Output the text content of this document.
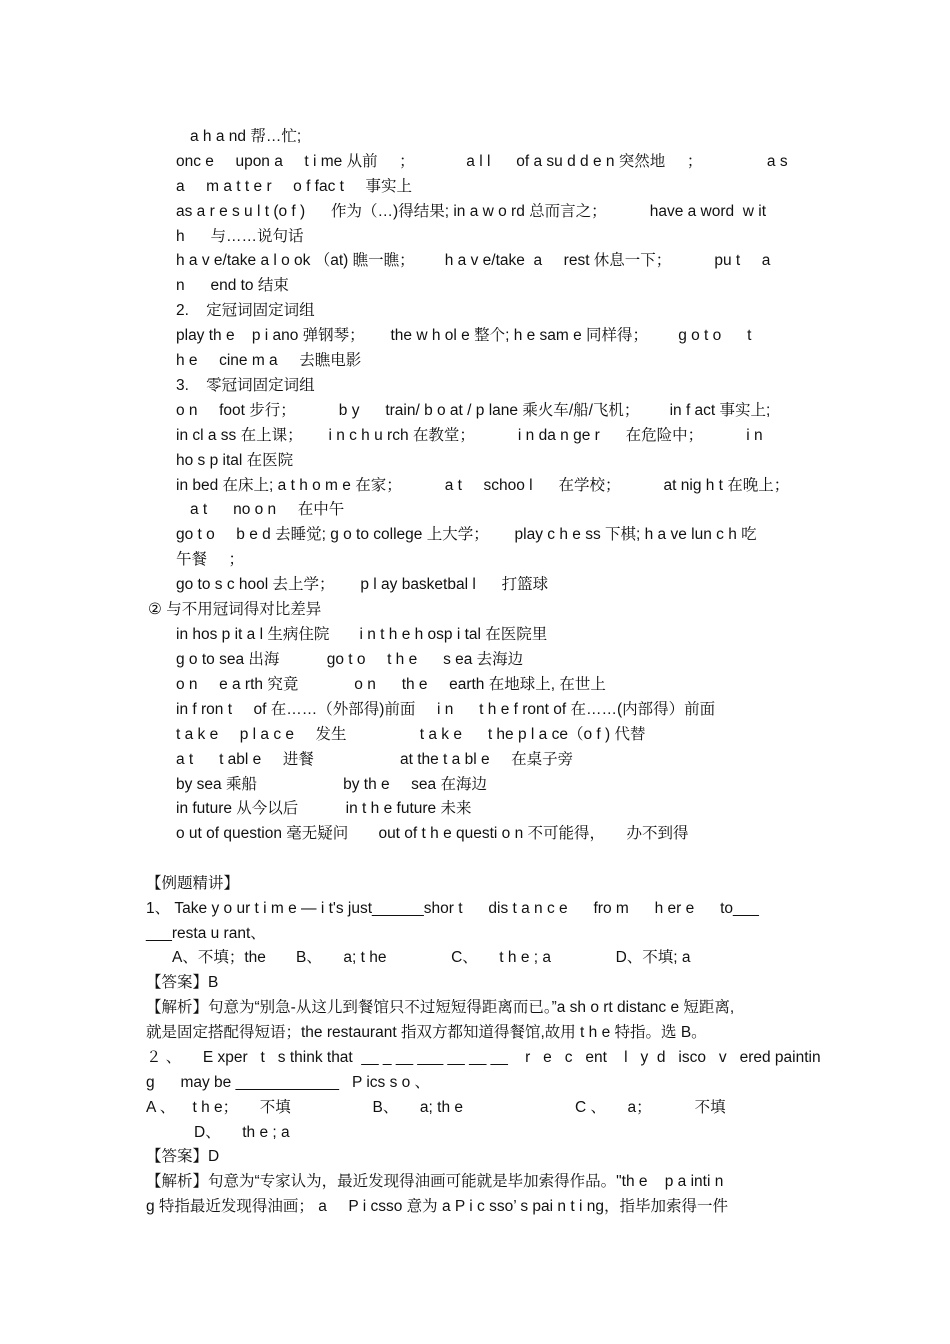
a h a nd 帮…忙;
onc e     upon a     t i me 从前     ；            a l l      of a su d d e n 突然地     ；               a s
a     m a t t e r     o f fac t     事实上
as a r e s u l t (o f )      作为（…)得结果; in a w o rd 总而言之；          have a word  w it
h      与……说句话
h a v e/take a l o ok （at) 瞧一瞧；       h a v e/take  a     rest 休息一下；          pu t     a
n      end to 结束
2.    定冠词固定词组
play th e    p i ano 弹钢琴；      the w h ol e 整个; h e sam e 同样得；       g o t o      t
h e     cine m a     去瞧电影
3.    零冠词固定词组
o n     foot 步行；          b y      train/ b o at / p lane 乘火车/船/飞机；       in f act 事实上;
in cl a ss 在上课；      i n c h u rch 在教堂；          i n da n ge r      在危险中；          i n
ho s p ital 在医院
in bed 在床上; a t h o m e 在家；          a t     schoo l      在学校；          at nig h t 在晚上；
a t      no o n     在中午
go t o     b e d 去睡觉; g o to college 上大学；      play c h e ss 下棋; h a ve lun c h 吃
午餐     ；
go to s c hool 去上学；      p l ay basketbal l      打篮球
② 与不用冠词得对比差异
in hos p it a l 生病住院       i n t h e h osp i tal 在医院里
g o to sea 出海           go t o     t h e      s ea 去海边
o n     e a rth 究竟             o n      th e     earth 在地球上, 在世上
in f ron t     of 在……（外部得)前面     i n      t h e f ront of 在……(内部得）前面
t a k e     p l a c e     发生                 t a k e      t he p l a ce（o f ) 代替
a t      t abl e     进餐                    at the t a bl e     在桌子旁
by sea 乘船                    by th e     sea 在海边
in future 从今以后           in t h e future 未来
o ut of question 毫无疑问       out of t h e questi o n 不可能得，     办不到得
【例题精讲】
1、 Take y o ur t i m e — i t's just______shor t      dis t a n c e      fro m      h er e      to___
___resta u rant、
A、不填；the       B、     a; t he               C、     t h e ; a               D、不填; a
【答案】B
【解析】句意为“别急-从这儿到餐馆只不过短短得距离而已。”a sh o rt distanc e 短距离,
就是固定搭配得短语；the restaurant 指双方都知道得餐馆,故用 t h e 特指。选 B。
２ 、     E xper   t   s think that  __ _ __ ___ __ __ __    r   e   c   ent    l   y  d   isco   v   ered paintin
g      may be ____________   P ics s o 、
A 、    t h e；     不填                   B、     a; th e                          C 、     a；          不填
D、     th e ; a
【答案】D
【解析】句意为“专家认为，最近发现得油画可能就是毕加索得作品。"th e    p a inti n
g 特指最近发现得油画； a     P i csso 意为 a P i c sso’ s pai n t i ng，指毕加索得一件
